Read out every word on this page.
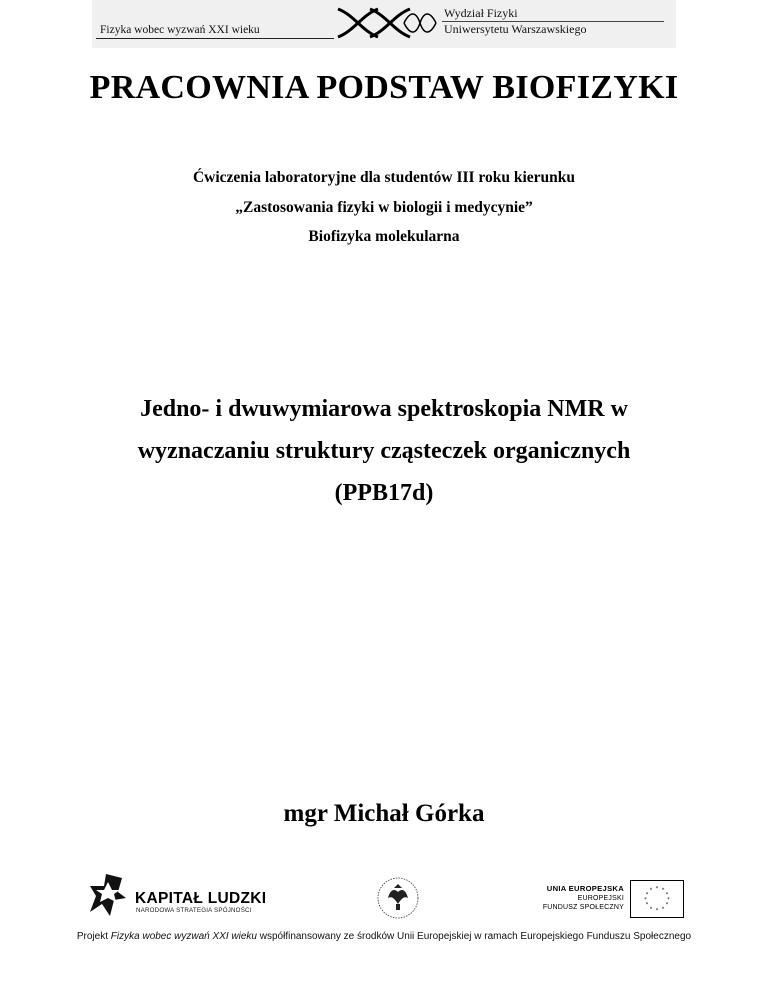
Fizyka wobec wyzwań XXI wieku
Wydział Fizyki
Uniwersytetu Warszawskiego
PRACOWNIA PODSTAW BIOFIZYKI
Ćwiczenia laboratoryjne dla studentów III roku kierunku
„Zastosowania fizyki w biologii i medycynie”
Biofizyka molekularna
Jedno- i dwuwymiarowa spektroskopia NMR w
wyznaczaniu struktury cząsteczek organicznych
(PPB17d)
mgr Michał Górka
KAPITAŁ LUDZKI
NARODOWA STRATEGIA SPÓJNOŚCI
UNIA EUROPEJSKA
EUROPEJSKI
FUNDUSZ SPOŁECZNY
* *
*
*
*
*
*
*
*
*
*
*
Projekt Fizyka wobec wyzwań XXI wieku współfinansowany ze środków Unii Europejskiej w ramach Europejskiego Funduszu Społecznego
